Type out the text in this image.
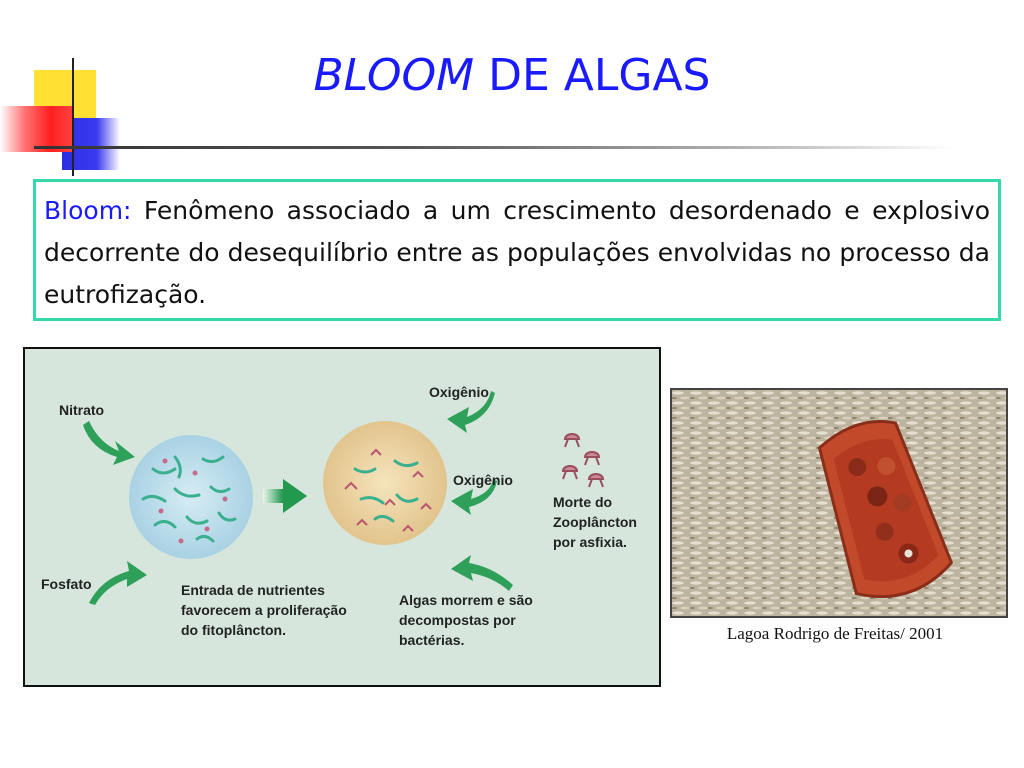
BLOOM DE ALGAS
Bloom: Fenômeno associado a um crescimento desordenado e explosivo decorrente do desequilíbrio entre as populações envolvidas no processo da eutrofização.
Nitrato
Fosfato
Oxigênio
Oxigênio
Entrada de nutrientes
favorecem a proliferação
do fitoplâncton.
Algas morrem e são
decompostas por
bactérias.
Morte do
Zooplâncton
por asfixia.
Lagoa Rodrigo de Freitas/ 2001
